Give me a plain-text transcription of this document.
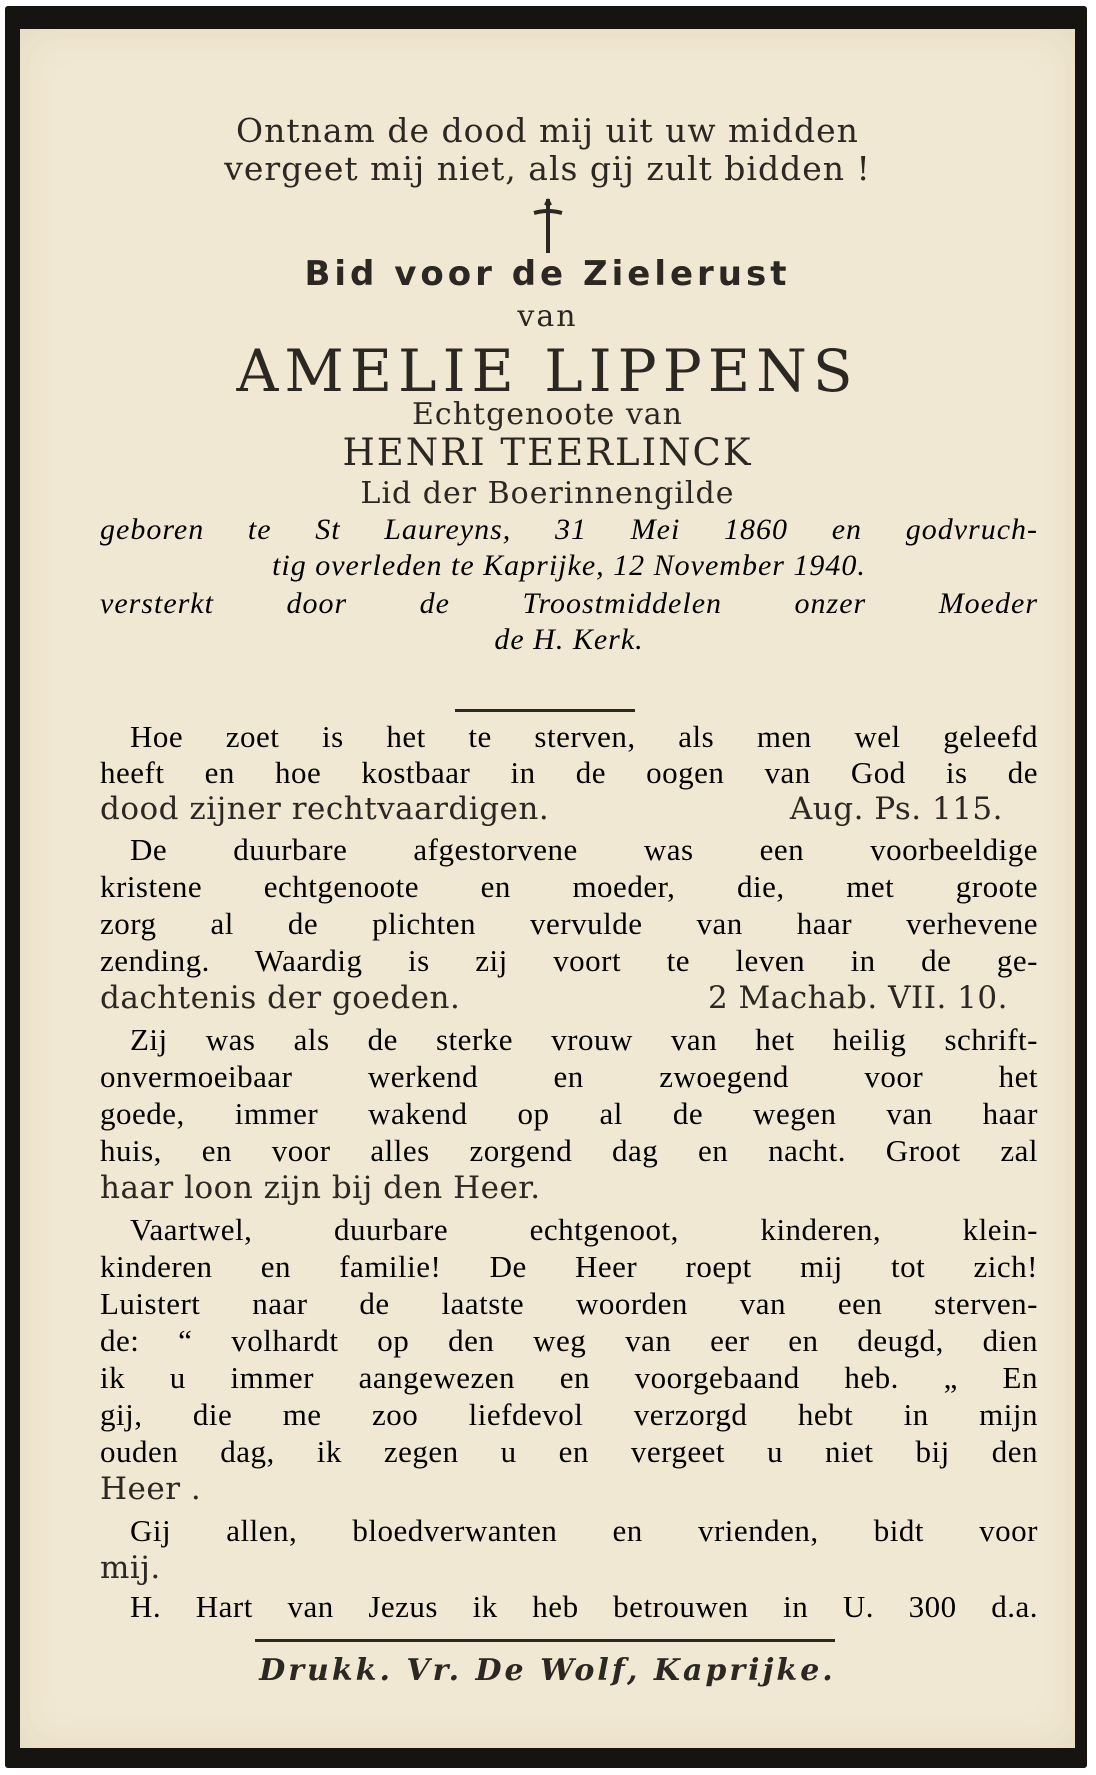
Ontnam de dood mij uit uw midden
vergeet mij niet, als gij zult bidden !
Bid voor de Zielerust
van
AMELIE LIPPENS
Echtgenoote van
HENRI TEERLINCK
Lid der Boerinnengilde
geboren te St Laureyns, 31 Mei 1860 en godvruch-
tig overleden te Kaprijke, 12 November 1940.
versterkt door de Troostmiddelen onzer Moeder
de H. Kerk.
Hoe zoet is het te sterven, als men wel geleefd
heeft en hoe kostbaar in de oogen van God is de
dood zijner rechtvaardigen.	Aug. Ps. 115.
De duurbare afgestorvene was een voorbeeldige
kristene echtgenoote en moeder, die, met groote
zorg al de plichten vervulde van haar verhevene
zending. Waardig is zij voort te leven in de ge-
dachtenis der goeden.	2 Machab. VII. 10.
Zij was als de sterke vrouw van het heilig schrift-
onvermoeibaar werkend en zwoegend voor het
goede, immer wakend op al de wegen van haar
huis, en voor alles zorgend dag en nacht. Groot zal
haar loon zijn bij den Heer.
Vaartwel, duurbare echtgenoot, kinderen, klein-
kinderen en familie! De Heer roept mij tot zich!
Luistert naar de laatste woorden van een sterven-
de: “ volhardt op den weg van eer en deugd, dien
ik u immer aangewezen en voorgebaand heb. „ En
gij, die me zoo liefdevol verzorgd hebt in mijn
ouden dag, ik zegen u en vergeet u niet bij den
Heer .
Gij allen, bloedverwanten en vrienden, bidt voor
mij.
H. Hart van Jezus ik heb betrouwen in U. 300 d.a.
Drukk. Vr. De Wolf, Kaprijke.
